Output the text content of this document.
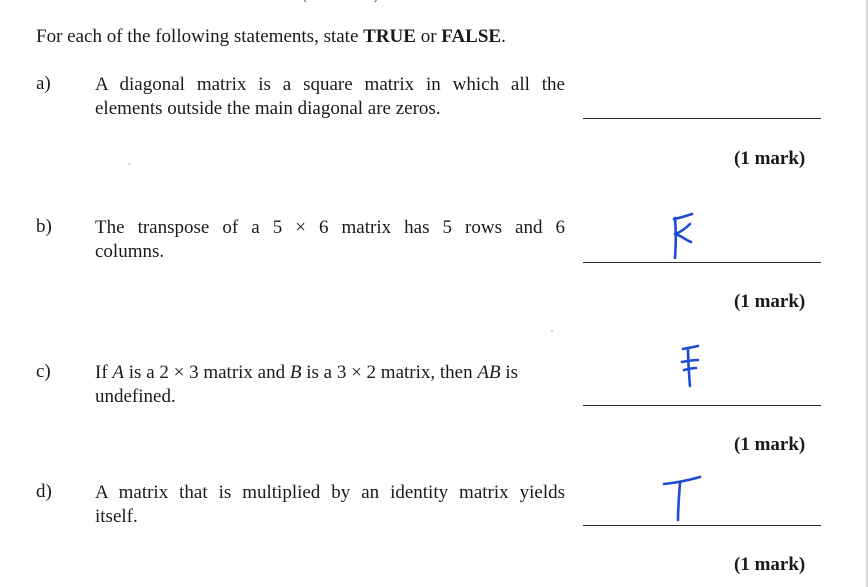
For each of the following statements, state TRUE or FALSE.
a) A diagonal matrix is a square matrix in which all the
elements outside the main diagonal are zeros.
(1 mark)
b) The transpose of a 5 × 6 matrix has 5 rows and 6
columns.
(1 mark)
c) If A is a 2 × 3 matrix and B is a 3 × 2 matrix, then AB is
undefined.
(1 mark)
d) A matrix that is multiplied by an identity matrix yields
itself.
(1 mark)
